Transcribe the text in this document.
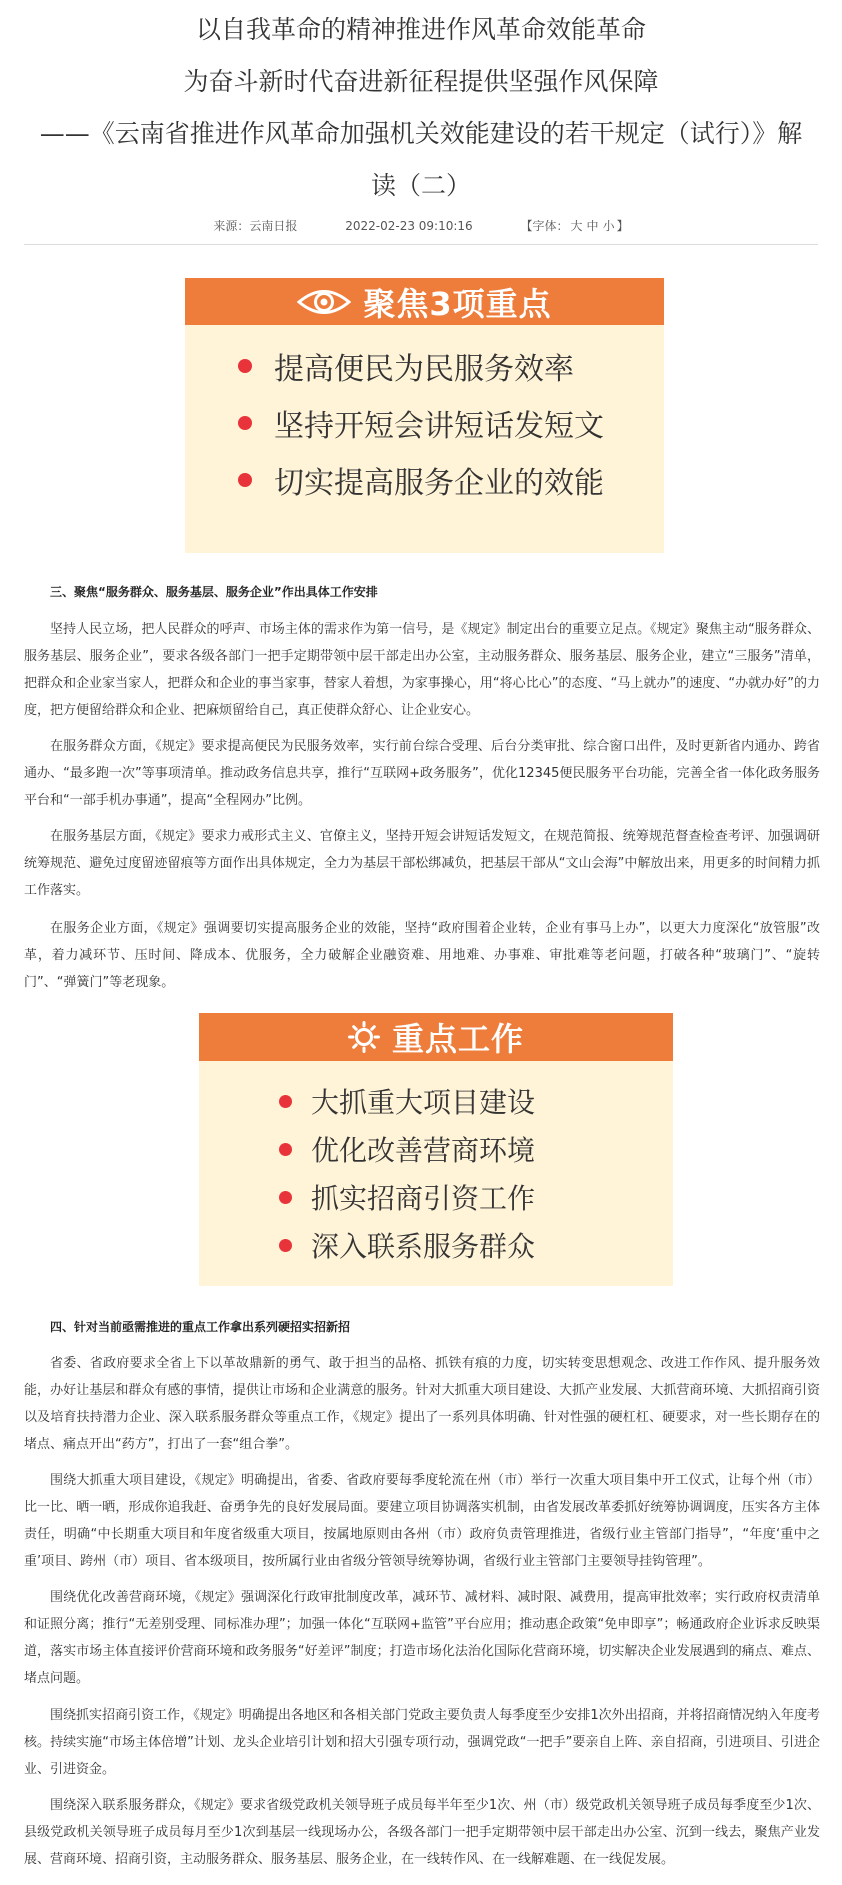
以自我革命的精神推进作风革命效能革命
为奋斗新时代奋进新征程提供坚强作风保障
——《云南省推进作风革命加强机关效能建设的若干规定（试行）》解
读（二）
来源：云南日报	2022-02-23 09:10:16	【字体： 大 中 小 】
聚焦3项重点
提高便民为民服务效率
坚持开短会讲短话发短文
切实提高服务企业的效能
三、聚焦“服务群众、服务基层、服务企业”作出具体工作安排

坚持人民立场，把人民群众的呼声、市场主体的需求作为第一信号，是《规定》制定出台的重要立足点。《规定》聚焦主动“服务群众、服务基层、服务企业”，要求各级各部门一把手定期带领中层干部走出办公室，主动服务群众、服务基层、服务企业，建立“三服务”清单，把群众和企业家当家人，把群众和企业的事当家事，替家人着想，为家事操心，用“将心比心”的态度、“马上就办”的速度、“办就办好”的力度，把方便留给群众和企业、把麻烦留给自己，真正使群众舒心、让企业安心。

在服务群众方面，《规定》要求提高便民为民服务效率，实行前台综合受理、后台分类审批、综合窗口出件，及时更新省内通办、跨省通办、“最多跑一次”等事项清单。推动政务信息共享，推行“互联网+政务服务”，优化12345便民服务平台功能，完善全省一体化政务服务平台和“一部手机办事通”，提高“全程网办”比例。

在服务基层方面，《规定》要求力戒形式主义、官僚主义，坚持开短会讲短话发短文，在规范简报、统筹规范督查检查考评、加强调研统筹规范、避免过度留迹留痕等方面作出具体规定，全力为基层干部松绑减负，把基层干部从“文山会海”中解放出来，用更多的时间精力抓工作落实。

在服务企业方面，《规定》强调要切实提高服务企业的效能，坚持“政府围着企业转，企业有事马上办”，以更大力度深化“放管服”改革，着力减环节、压时间、降成本、优服务，全力破解企业融资难、用地难、办事难、审批难等老问题，打破各种“玻璃门”、“旋转门”、“弹簧门”等老现象。

重点工作
大抓重大项目建设
优化改善营商环境
抓实招商引资工作
深入联系服务群众
四、针对当前亟需推进的重点工作拿出系列硬招实招新招

省委、省政府要求全省上下以革故鼎新的勇气、敢于担当的品格、抓铁有痕的力度，切实转变思想观念、改进工作作风、提升服务效能，办好让基层和群众有感的事情，提供让市场和企业满意的服务。针对大抓重大项目建设、大抓产业发展、大抓营商环境、大抓招商引资以及培育扶持潜力企业、深入联系服务群众等重点工作，《规定》提出了一系列具体明确、针对性强的硬杠杠、硬要求，对一些长期存在的堵点、痛点开出“药方”，打出了一套“组合拳”。

围绕大抓重大项目建设，《规定》明确提出，省委、省政府要每季度轮流在州（市）举行一次重大项目集中开工仪式，让每个州（市）比一比、晒一晒，形成你追我赶、奋勇争先的良好发展局面。要建立项目协调落实机制，由省发展改革委抓好统筹协调调度，压实各方主体责任，明确“中长期重大项目和年度省级重大项目，按属地原则由各州（市）政府负责管理推进，省级行业主管部门指导”，“年度‘重中之重’项目、跨州（市）项目、省本级项目，按所属行业由省级分管领导统筹协调，省级行业主管部门主要领导挂钩管理”。

围绕优化改善营商环境，《规定》强调深化行政审批制度改革，减环节、减材料、减时限、减费用，提高审批效率；实行政府权责清单和证照分离；推行“无差别受理、同标准办理”；加强一体化“互联网+监管”平台应用；推动惠企政策“免申即享”；畅通政府企业诉求反映渠道，落实市场主体直接评价营商环境和政务服务“好差评”制度；打造市场化法治化国际化营商环境，切实解决企业发展遇到的痛点、难点、堵点问题。

围绕抓实招商引资工作，《规定》明确提出各地区和各相关部门党政主要负责人每季度至少安排1次外出招商，并将招商情况纳入年度考核。持续实施“市场主体倍增”计划、龙头企业培引计划和招大引强专项行动，强调党政“一把手”要亲自上阵、亲自招商，引进项目、引进企业、引进资金。

围绕深入联系服务群众，《规定》要求省级党政机关领导班子成员每半年至少1次、州（市）级党政机关领导班子成员每季度至少1次、县级党政机关领导班子成员每月至少1次到基层一线现场办公，各级各部门一把手定期带领中层干部走出办公室、沉到一线去，聚焦产业发展、营商环境、招商引资，主动服务群众、服务基层、服务企业，在一线转作风、在一线解难题、在一线促发展。
